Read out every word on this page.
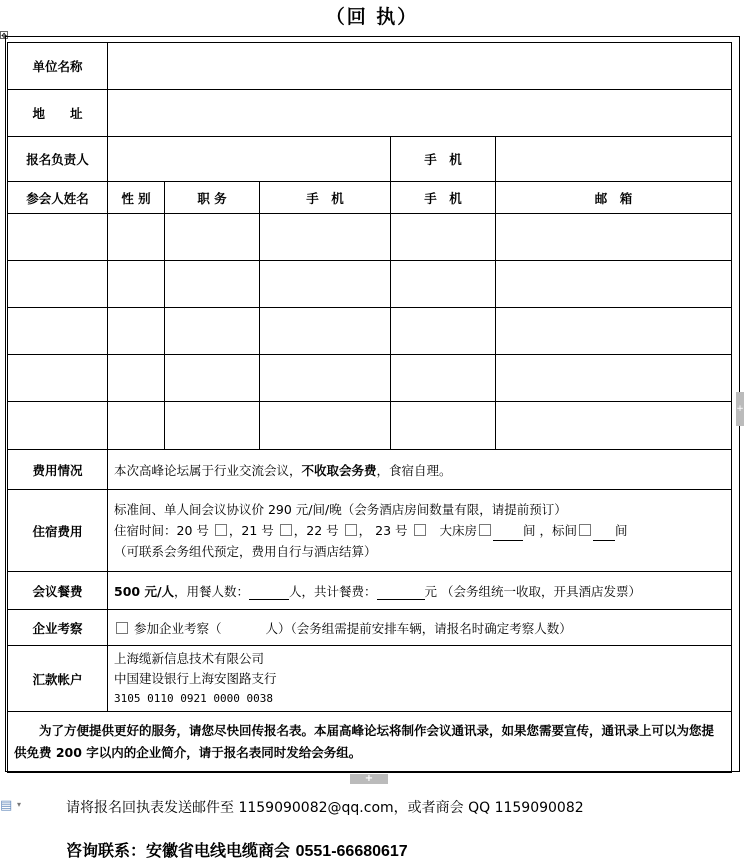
（回 执）
✥
单位名称					
地　　址					
报名负责人				手　机	
参会人姓名	性 别	职 务	手　机	手　机	邮　箱

费用情况	本次高峰论坛属于行业交流会议，不收取会务费，食宿自理。				
住宿费用	标准间、单人间会议协议价 290 元/间/晚（会务酒店房间数量有限，请提前预订）
住宿时间：20 号 ，21 号 ，22 号 ， 23 号 大床房 间 ，标间 间
（可联系会务组代预定，费用自行与酒店结算）				

会议餐费	500 元/人，用餐人数： 人，共计餐费： 元 （会务组统一收取，开具酒店发票）				
企业考察	参加企业考察（ 人）（会务组需提前安排车辆，请报名时确定考察人数）				
汇款帐户	上海缆新信息技术有限公司
中国建设银行上海安图路支行
3105 0110 0921 0000 0038				

为了方便提供更好的服务，请您尽快回传报名表。本届高峰论坛将制作会议通讯录，如果您需要宣传，通讯录上可以为您提供免费 200 字以内的企业简介，请于报名表同时发给会务组。					
+
+
▤ ▾	请将报名回执表发送邮件至 1159090082@qq.com，或者商会 QQ 1159090082
咨询联系：安徽省电线电缆商会 0551-66680617
